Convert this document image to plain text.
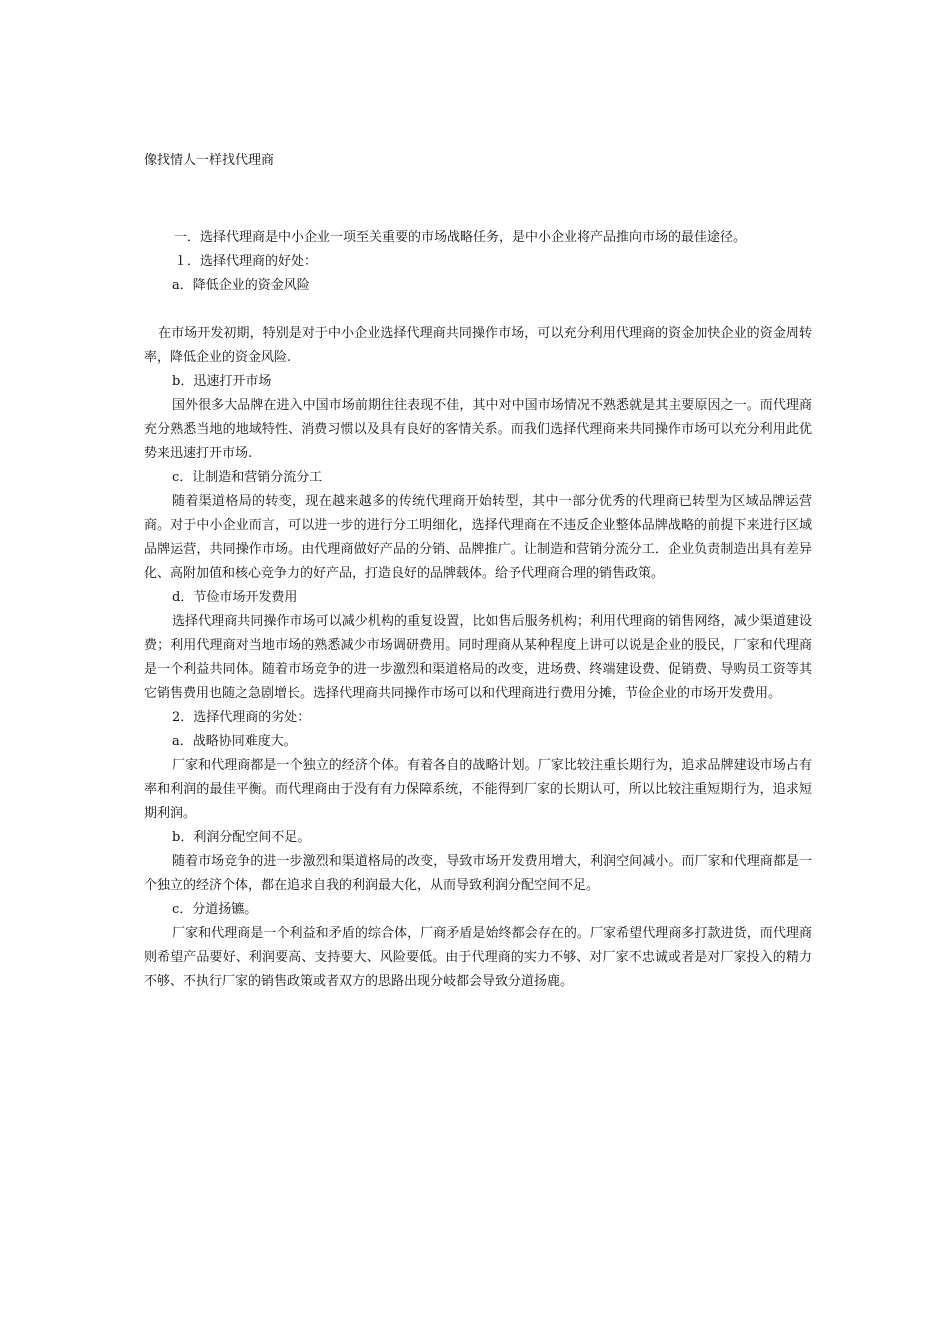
像找情人一样找代理商
一．选择代理商是中小企业一项至关重要的市场战略任务，是中小企业将产品推向市场的最佳途径。
１．选择代理商的好处：
a．降低企业的资金风险
在市场开发初期，特别是对于中小企业选择代理商共同操作市场，可以充分利用代理商的资金加快企业的资金周转率，降低企业的资金风险.
b．迅速打开市场
国外很多大品牌在进入中国市场前期往往表现不佳，其中对中国市场情况不熟悉就是其主要原因之一。而代理商充分熟悉当地的地域特性、消费习惯以及具有良好的客情关系。而我们选择代理商来共同操作市场可以充分利用此优势来迅速打开市场.
c．让制造和营销分流分工
随着渠道格局的转变，现在越来越多的传统代理商开始转型，其中一部分优秀的代理商已转型为区域品牌运营商。对于中小企业而言，可以进一步的进行分工明细化，选择代理商在不违反企业整体品牌战略的前提下来进行区域品牌运营，共同操作市场。由代理商做好产品的分销、品牌推广。让制造和营销分流分工．企业负责制造出具有差异化、高附加值和核心竞争力的好产品，打造良好的品牌载体。给予代理商合理的销售政策。
d．节俭市场开发费用
选择代理商共同操作市场可以减少机构的重复设置，比如售后服务机构；利用代理商的销售网络，减少渠道建设费；利用代理商对当地市场的熟悉减少市场调研费用。同时理商从某种程度上讲可以说是企业的股民，厂家和代理商是一个利益共同体。随着市场竞争的进一步激烈和渠道格局的改变，进场费、终端建设费、促销费、导购员工资等其它销售费用也随之急剧增长。选择代理商共同操作市场可以和代理商进行费用分摊，节俭企业的市场开发费用。
2．选择代理商的劣处：
a．战略协同难度大。
厂家和代理商都是一个独立的经济个体。有着各自的战略计划。厂家比较注重长期行为，追求品牌建设市场占有率和利润的最佳平衡。而代理商由于没有有力保障系统，不能得到厂家的长期认可，所以比较注重短期行为，追求短期利润。
b．利润分配空间不足。
随着市场竞争的进一步激烈和渠道格局的改变，导致市场开发费用增大，利润空间减小。而厂家和代理商都是一个独立的经济个体，都在追求自我的利润最大化，从而导致利润分配空间不足。
c．分道扬镳。
厂家和代理商是一个利益和矛盾的综合体，厂商矛盾是始终都会存在的。厂家希望代理商多打款进货，而代理商则希望产品要好、利润要高、支持要大、风险要低。由于代理商的实力不够、对厂家不忠诚或者是对厂家投入的精力不够、不执行厂家的销售政策或者双方的思路出现分岐都会导致分道扬鹿。
